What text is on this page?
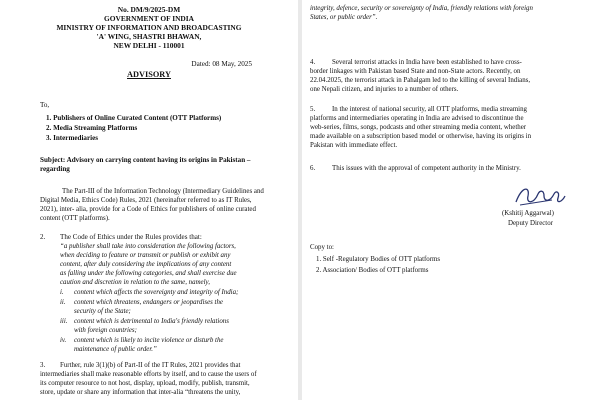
No. DM/9/2025-DM

GOVERNMENT OF INDIA

MINISTRY OF INFORMATION AND BROADCASTING

'A' WING, SHASTRI BHAWAN,

NEW DELHI - 110001

Dated: 08 May, 2025

ADVISORY

To,

1. Publishers of Online Curated Content (OTT Platforms)

2. Media Streaming Platforms

3. Intermediaries

Subject: Advisory on carrying content having its origins in Pakistan –

regarding

The Part-III of the Information Technology (Intermediary Guidelines and

Digital Media, Ethics Code) Rules, 2021 (hereinafter referred to as IT Rules,

2021), inter- alia, provide for a Code of Ethics for publishers of online curated

content (OTT platforms).

2. The Code of Ethics under the Rules provides that:

“a publisher shall take into consideration the following factors,

when deciding to feature or transmit or publish or exhibit any

content, after duly considering the implications of any content

as falling under the following categories, and shall exercise due

caution and discretion in relation to the same, namely,

i. content which affects the sovereignty and integrity of India;

ii. content which threatens, endangers or jeopardises the

security of the State;

iii. content which is detrimental to India's friendly relations

with foreign countries;

iv. content which is likely to incite violence or disturb the

maintenance of public order.”

3. Further, rule 3(1)(b) of Part-II of the IT Rules, 2021 provides that

intermediaries shall make reasonable efforts by itself, and to cause the users of

its computer resource to not host, display, upload, modify, publish, transmit,

store, update or share any information that inter-alia “threatens the unity,

integrity, defence, security or sovereignty of India, friendly relations with foreign

States, or public order”.

4. Several terrorist attacks in India have been established to have cross-

border linkages with Pakistan based State and non-State actors. Recently, on

22.04.2025, the terrorist attack in Pahalgam led to the killing of several Indians,

one Nepali citizen, and injuries to a number of others.

5. In the interest of national security, all OTT platforms, media streaming

platforms and intermediaries operating in India are advised to discontinue the

web-series, films, songs, podcasts and other streaming media content, whether

made available on a subscription based model or otherwise, having its origins in

Pakistan with immediate effect.

6. This issues with the approval of competent authority in the Ministry.

(Kshitij Aggarwal)

Deputy Director

Copy to:

1. Self -Regulatory Bodies of OTT platforms

2. Association/ Bodies of OTT platforms
